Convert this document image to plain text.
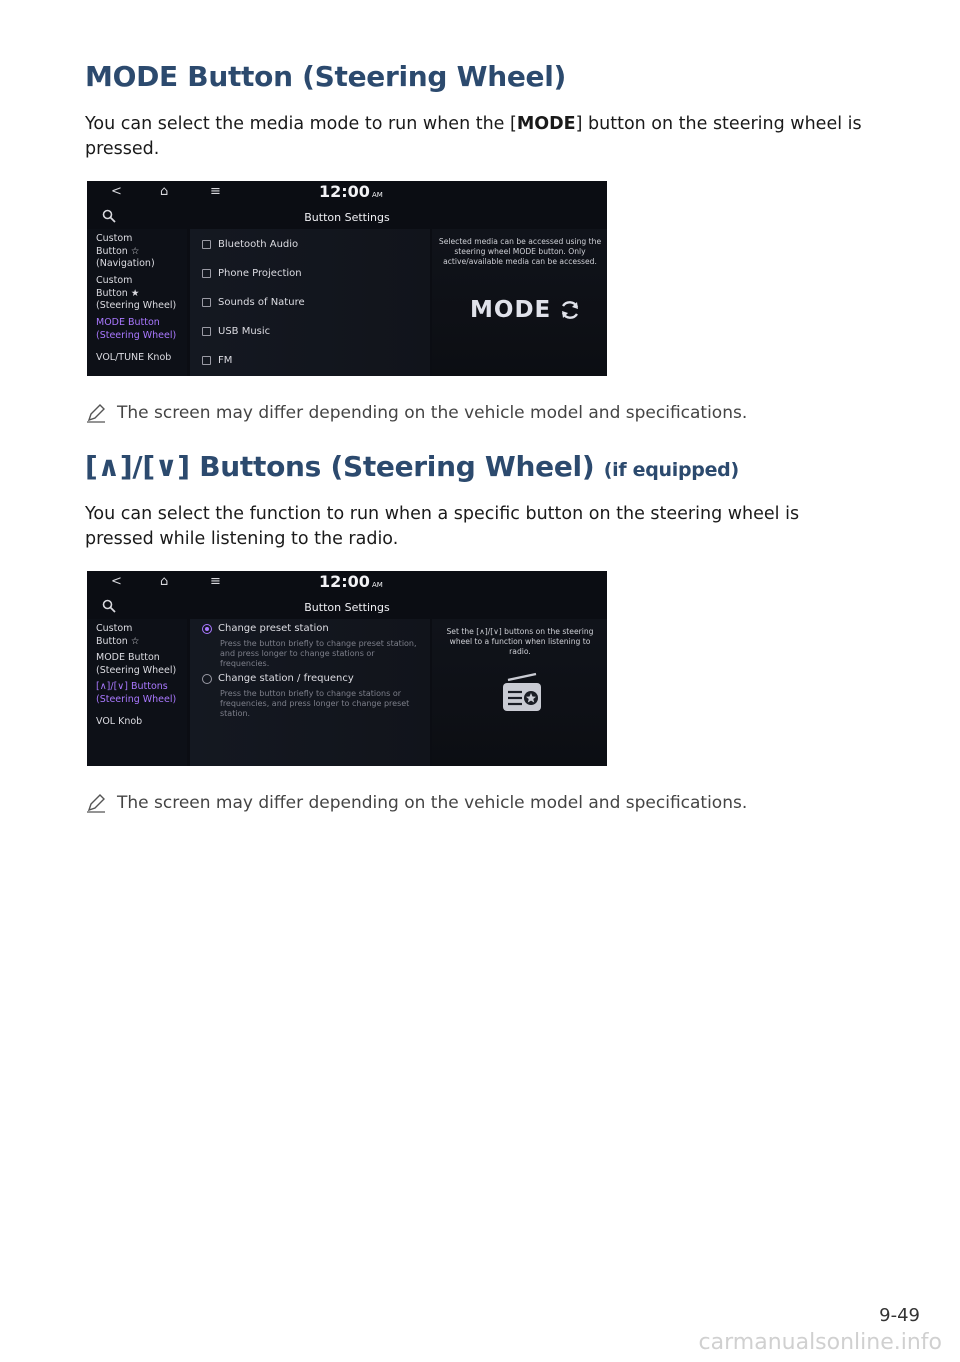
MODE Button (Steering Wheel)
You can select the media mode to run when the [MODE] button on the steering wheel is pressed.
<	⌂	≡	12:00 AM
Button Settings
Custom
Button ☆
(Navigation)
Custom
Button ★
(Steering Wheel)
MODE Button
(Steering Wheel)
VOL/TUNE Knob
Bluetooth Audio
Phone Projection
Sounds of Nature
USB Music
FM
Selected media can be accessed using the steering wheel MODE button. Only active/available media can be accessed.
MODE
The screen may differ depending on the vehicle model and specifications.
[∧]/[∨] Buttons (Steering Wheel) (if equipped)
You can select the function to run when a specific button on the steering wheel is pressed while listening to the radio.
<	⌂	≡	12:00 AM
Button Settings
Custom
Button ☆
MODE Button
(Steering Wheel)
[∧]/[∨] Buttons
(Steering Wheel)
VOL Knob
Change preset station
Press the button briefly to change preset station, and press longer to change stations or frequencies.
Change station / frequency
Press the button briefly to change stations or frequencies, and press longer to change preset station.
Set the [∧]/[∨] buttons on the steering wheel to a function when listening to radio.
The screen may differ depending on the vehicle model and specifications.
9-49
carmanualsonline.info
